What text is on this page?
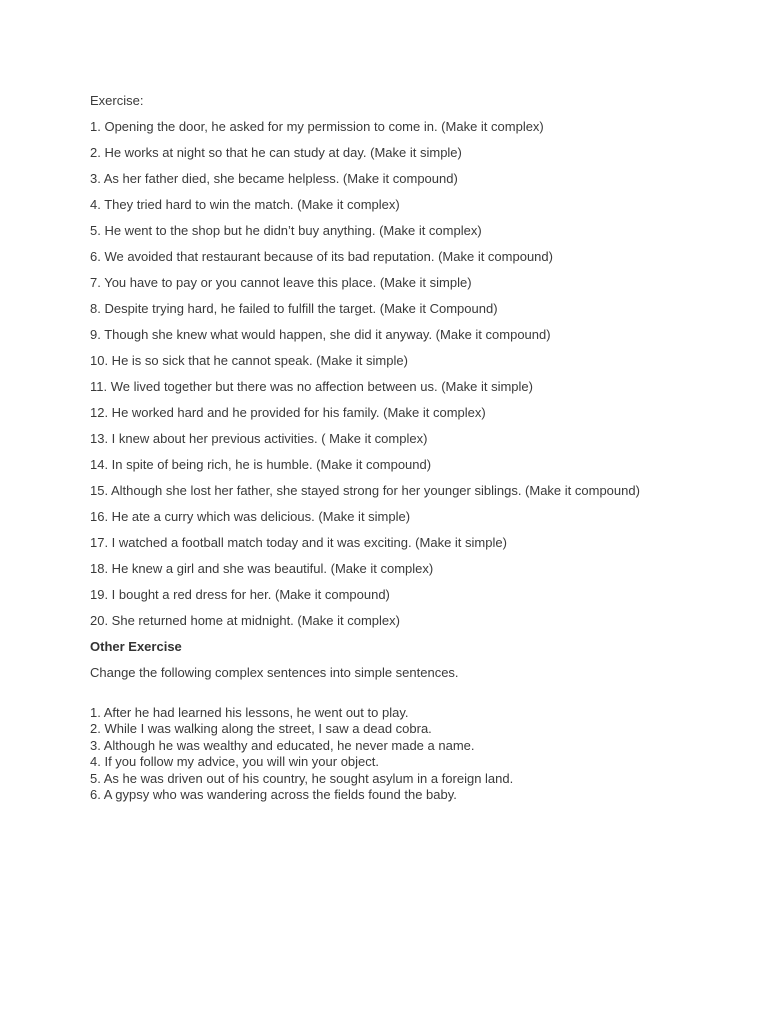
Exercise:
1. Opening the door, he asked for my permission to come in. (Make it complex)
2. He works at night so that he can study at day. (Make it simple)
3. As her father died, she became helpless. (Make it compound)
4. They tried hard to win the match. (Make it complex)
5. He went to the shop but he didn’t buy anything. (Make it complex)
6. We avoided that restaurant because of its bad reputation. (Make it compound)
7. You have to pay or you cannot leave this place. (Make it simple)
8. Despite trying hard, he failed to fulfill the target. (Make it Compound)
9. Though she knew what would happen, she did it anyway. (Make it compound)
10. He is so sick that he cannot speak. (Make it simple)
11. We lived together but there was no affection between us. (Make it simple)
12. He worked hard and he provided for his family. (Make it complex)
13. I knew about her previous activities. ( Make it complex)
14. In spite of being rich, he is humble. (Make it compound)
15. Although she lost her father, she stayed strong for her younger siblings. (Make it compound)
16. He ate a curry which was delicious. (Make it simple)
17. I watched a football match today and it was exciting. (Make it simple)
18. He knew a girl and she was beautiful. (Make it complex)
19. I bought a red dress for her. (Make it compound)
20. She returned home at midnight. (Make it complex)
Other Exercise
Change the following complex sentences into simple sentences.
1. After he had learned his lessons, he went out to play.
2. While I was walking along the street, I saw a dead cobra.
3. Although he was wealthy and educated, he never made a name.
4. If you follow my advice, you will win your object.
5. As he was driven out of his country, he sought asylum in a foreign land.
6. A gypsy who was wandering across the fields found the baby.
